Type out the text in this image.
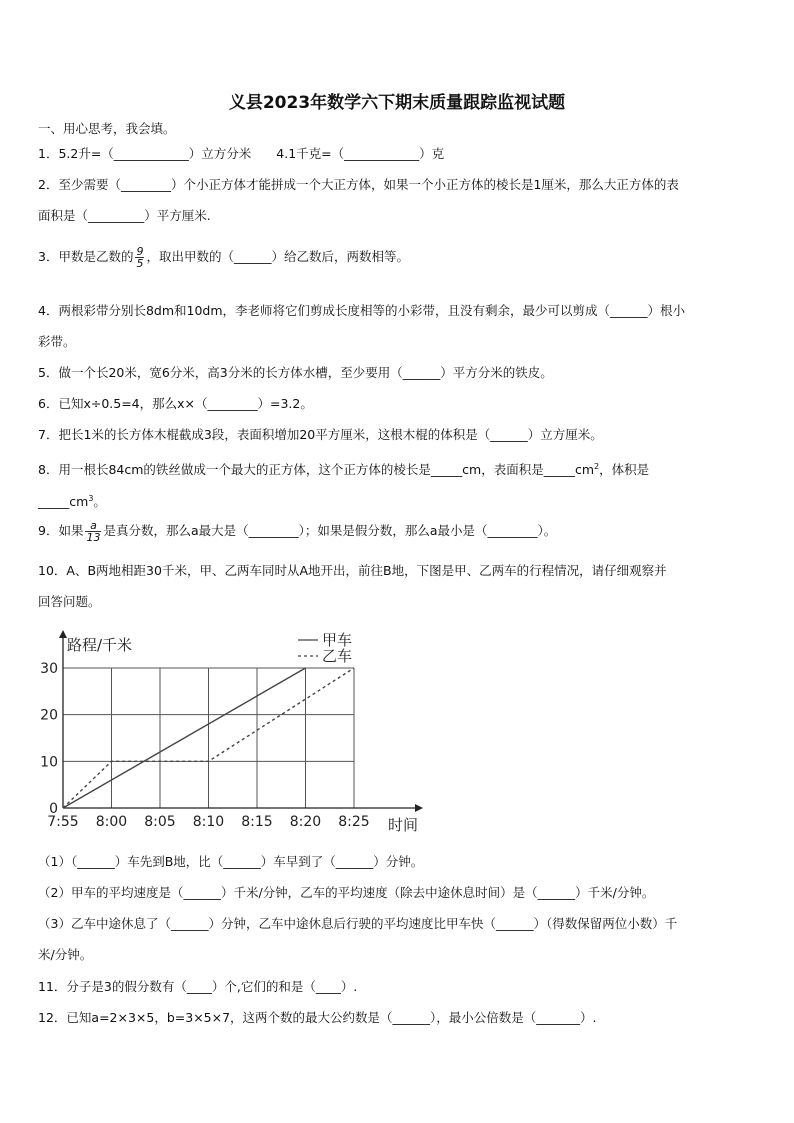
义县2023年数学六下期末质量跟踪监视试题
一、用心思考，我会填。
1．5.2升=（____________）立方分米　　4.1千克=（____________）克
2．至少需要（________）个小正方体才能拼成一个大正方体，如果一个小正方体的棱长是1厘米，那么大正方体的表
面积是（_________）平方厘米.
3．甲数是乙数的 $\frac{9}{5}$ ，取出甲数的（______）给乙数后，两数相等。
4．两根彩带分别长8dm和10dm，李老师将它们剪成长度相等的小彩带，且没有剩余，最少可以剪成（______）根小
彩带。
5．做一个长20米，宽6分米，高3分米的长方体水槽，至少要用（______）平方分米的铁皮。
6．已知x÷0.5=4，那么x×（________）=3.2。
7．把长1米的长方体木棍截成3段，表面积增加20平方厘米，这根木棍的体积是（______）立方厘米。
8．用一根长84cm的铁丝做成一个最大的正方体，这个正方体的棱长是_____cm，表面积是$\_\_\_\_\_cm^2$，体积是
$\_\_\_\_\_cm^3$。
9．如果 $\frac{a}{13}$ 是真分数，那么a最大是（________）；如果是假分数，那么a最小是（________）。
10．A、B两地相距30千米，甲、乙两车同时从A地开出，前往B地，下图是甲、乙两车的行程情况，请仔细观察并
回答问题。
0
10
20
30
7:55 8:00 8:05 8:10 8:15 8:20 8:25
路程/千米
时间
甲车
乙车
（1）（______）车先到B地，比（______）车早到了（______）分钟。
（2）甲车的平均速度是（______）千米/分钟，乙车的平均速度（除去中途休息时间）是（______）千米/分钟。
（3）乙车中途休息了（______）分钟，乙车中途休息后行驶的平均速度比甲车快（______）（得数保留两位小数）千
米/分钟。
11．分子是3的假分数有（____）个,它们的和是（____）.
12．已知a=2×3×5，b=3×5×7，这两个数的最大公约数是（______），最小公倍数是（_______）.
